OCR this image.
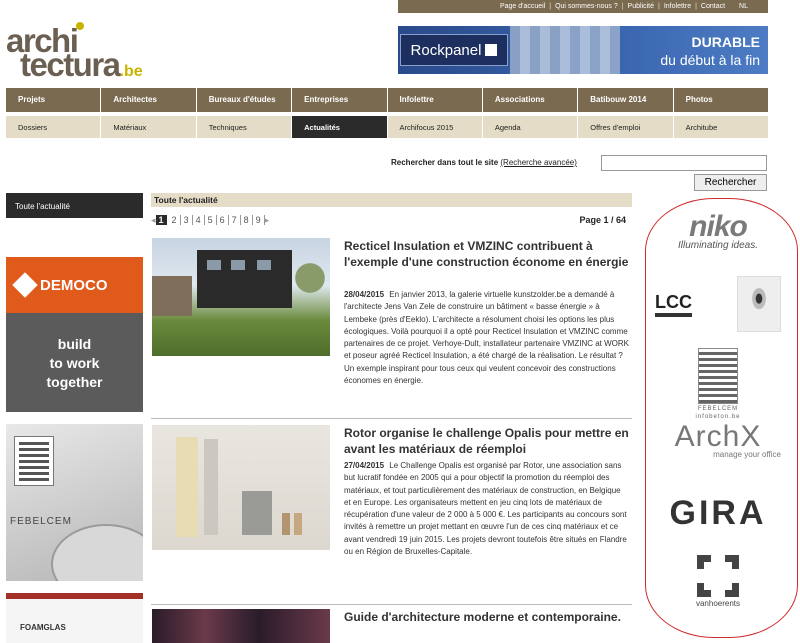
Page d'accueil | Qui sommes-nous ? | Publicité | Infolettre | Contact NL
archi
tectura.be
Rockpanel	DURABLE
du début à la fin
Projets	Architectes	Bureaux d'études	Entreprises	Infolettre	Associations	Batibouw 2014	Photos
Dossiers	Matériaux	Techniques	Actualités	Archifocus 2015	Agenda	Offres d'emploi	Architube
Rechercher dans tout le site (Recherche avancée)
Rechercher
Toute l'actualité
DEMOCO
build
to work
together
FEBELCEM
FOAMGLAS
Toute l'actualité
◂ 1 2 3 4 5 6 7 8 9 ▸	Page 1 / 64
Recticel Insulation et VMZINC contribuent à l'exemple d'une construction économe en énergie
28/04/2015 En janvier 2013, la galerie virtuelle kunstzolder.be a demandé à l'architecte Jens Van Zele de construire un bâtiment « basse énergie » à Lembeke (près d'Eeklo). L'architecte a résolument choisi les options les plus écologiques. Voilà pourquoi il a opté pour Recticel Insulation et VMZINC comme partenaires de ce projet. Verhoye-Dult, installateur partenaire VMZINC at WORK et poseur agréé Recticel Insulation, a été chargé de la réalisation. Le résultat ? Un exemple inspirant pour tous ceux qui veulent concevoir des constructions économes en énergie.
Rotor organise le challenge Opalis pour mettre en avant les matériaux de réemploi
27/04/2015 Le Challenge Opalis est organisé par Rotor, une association sans but lucratif fondée en 2005 qui a pour objectif la promotion du réemploi des matériaux, et tout particulièrement des matériaux de construction, en Belgique et en Europe. Les organisateurs mettent en jeu cinq lots de matériaux de récupération d'une valeur de 2 000 à 5 000 €. Les participants au concours sont invités à remettre un projet mettant en œuvre l'un de ces cinq matériaux et ce avant vendredi 19 juin 2015. Les projets devront toutefois être situés en Flandre ou en Région de Bruxelles-Capitale.
Guide d'architecture moderne et contemporaine.
niko
Illuminating ideas.
LCC
FEBELCEM
infobeton.be
ArchX
manage your office
GIRA
vanhoerents
